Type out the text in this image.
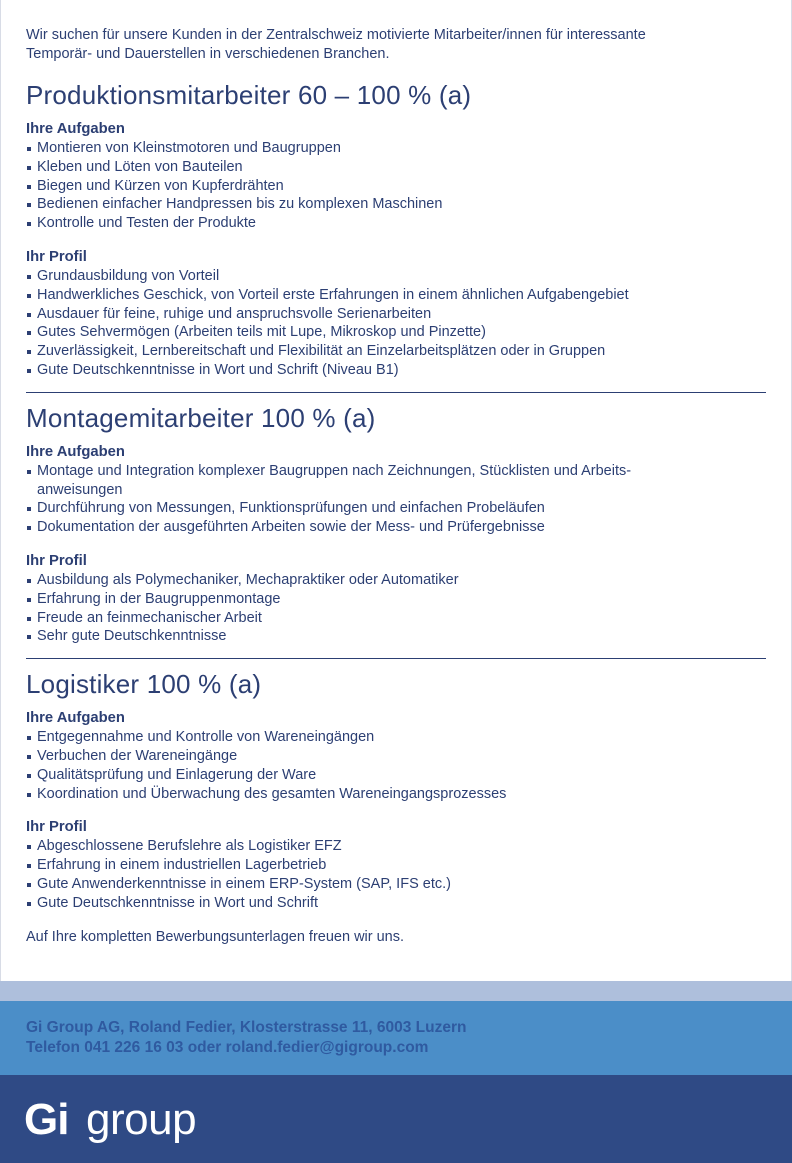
Wir suchen für unsere Kunden in der Zentralschweiz motivierte Mitarbeiter/innen für interessante
Temporär- und Dauerstellen in verschiedenen Branchen.

Produktionsmitarbeiter 60 – 100 % (a)
Ihre Aufgaben
Montieren von Kleinstmotoren und Baugruppen
Kleben und Löten von Bauteilen
Biegen und Kürzen von Kupferdrähten
Bedienen einfacher Handpressen bis zu komplexen Maschinen
Kontrolle und Testen der Produkte
Ihr Profil
Grundausbildung von Vorteil
Handwerkliches Geschick, von Vorteil erste Erfahrungen in einem ähnlichen Aufgabengebiet
Ausdauer für feine, ruhige und anspruchsvolle Serienarbeiten
Gutes Sehvermögen (Arbeiten teils mit Lupe, Mikroskop und Pinzette)
Zuverlässigkeit, Lernbereitschaft und Flexibilität an Einzelarbeitsplätzen oder in Gruppen
Gute Deutschkenntnisse in Wort und Schrift (Niveau B1)
Montagemitarbeiter 100 % (a)
Ihre Aufgaben
Montage und Integration komplexer Baugruppen nach Zeichnungen, Stücklisten und Arbeits-
anweisungen
Durchführung von Messungen, Funktionsprüfungen und einfachen Probeläufen
Dokumentation der ausgeführten Arbeiten sowie der Mess- und Prüfergebnisse
Ihr Profil
Ausbildung als Polymechaniker, Mechapraktiker oder Automatiker
Erfahrung in der Baugruppenmontage
Freude an feinmechanischer Arbeit
Sehr gute Deutschkenntnisse
Logistiker 100 % (a)
Ihre Aufgaben
Entgegennahme und Kontrolle von Wareneingängen
Verbuchen der Wareneingänge
Qualitätsprüfung und Einlagerung der Ware
Koordination und Überwachung des gesamten Wareneingangsprozesses
Ihr Profil
Abgeschlossene Berufslehre als Logistiker EFZ
Erfahrung in einem industriellen Lagerbetrieb
Gute Anwenderkenntnisse in einem ERP-System (SAP, IFS etc.)
Gute Deutschkenntnisse in Wort und Schrift

Auf Ihre kompletten Bewerbungsunterlagen freuen wir uns.

Gi Group AG, Roland Fedier, Klosterstrasse 11, 6003 Luzern
Telefon 041 226 16 03 oder roland.fedier@gigroup.com
Gi group
